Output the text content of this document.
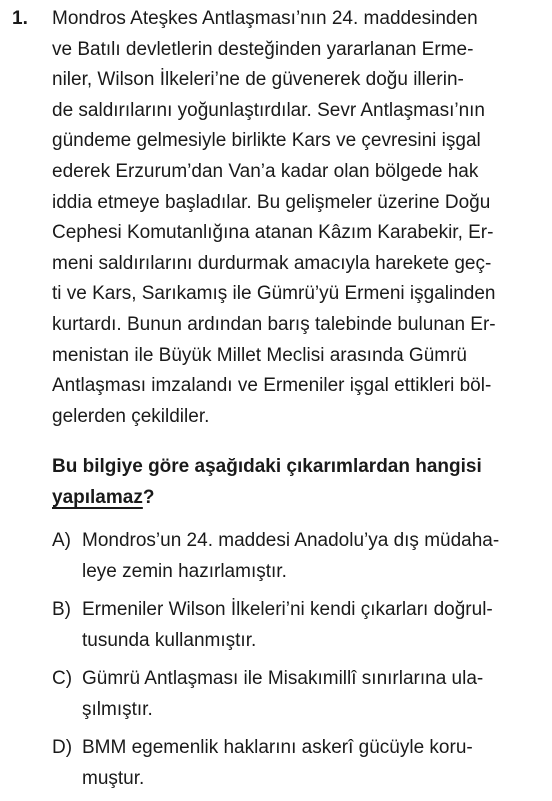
1. Mondros Ateşkes Antlaşması’nın 24. maddesinden
ve Batılı devletlerin desteğinden yararlanan Erme-
niler, Wilson İlkeleri’ne de güvenerek doğu illerin-
de saldırılarını yoğunlaştırdılar. Sevr Antlaşması’nın
gündeme gelmesiyle birlikte Kars ve çevresini işgal
ederek Erzurum’dan Van’a kadar olan bölgede hak
iddia etmeye başladılar. Bu gelişmeler üzerine Doğu
Cephesi Komutanlığına atanan Kâzım Karabekir, Er-
meni saldırılarını durdurmak amacıyla harekete geç-
ti ve Kars, Sarıkamış ile Gümrü’yü Ermeni işgalinden
kurtardı. Bunun ardından barış talebinde bulunan Er-
menistan ile Büyük Millet Meclisi arasında Gümrü
Antlaşması imzalandı ve Ermeniler işgal ettikleri böl-
gelerden çekildiler.
Bu bilgiye göre aşağıdaki çıkarımlardan hangisi
yapılamaz?
A) Mondros’un 24. maddesi Anadolu’ya dış müdaha-
leye zemin hazırlamıştır.
B) Ermeniler Wilson İlkeleri’ni kendi çıkarları doğrul-
tusunda kullanmıştır.
C) Gümrü Antlaşması ile Misakımillî sınırlarına ula-
şılmıştır.
D) BMM egemenlik haklarını askerî gücüyle koru-
muştur.
